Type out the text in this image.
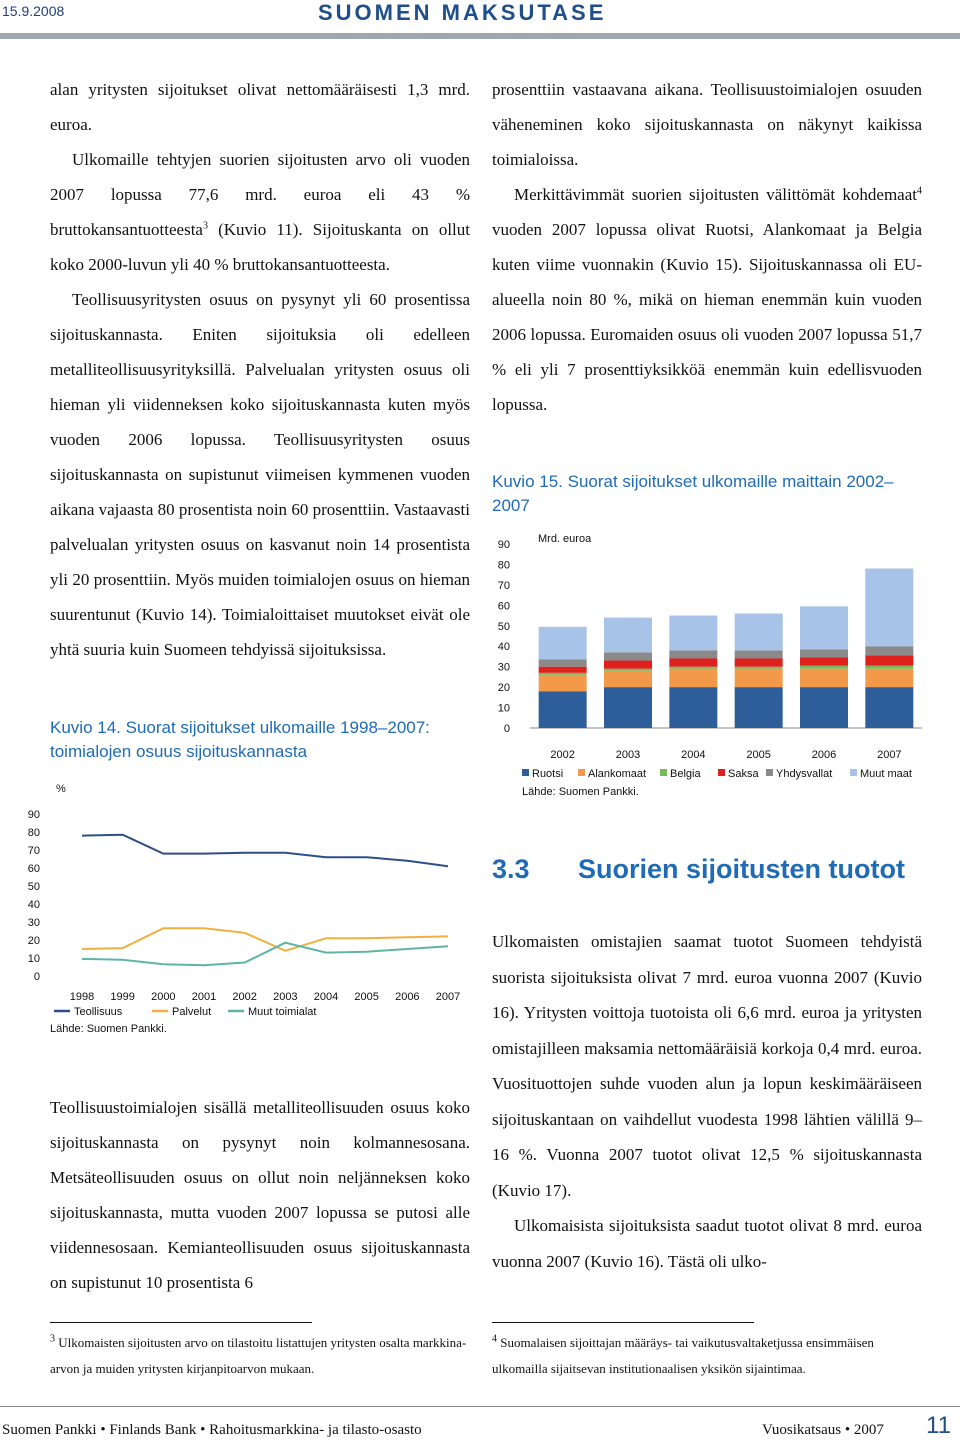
15.9.2008	SUOMEN MAKSUTASE

alan yritysten sijoitukset olivat nettomääräisesti 1,3 mrd. euroa.

Ulkomaille tehtyjen suorien sijoitusten arvo oli vuoden 2007 lopussa 77,6 mrd. euroa eli 43 % bruttokansantuotteesta$^3$ (Kuvio 11). Sijoituskanta on ollut koko 2000-luvun yli 40 % bruttokansantuotteesta.

Teollisuusyritysten osuus on pysynyt yli 60 prosentissa sijoituskannasta. Eniten sijoituksia oli edelleen metalliteollisuusyrityksillä. Palvelualan yritysten osuus oli hieman yli viidenneksen koko sijoituskannasta kuten myös vuoden 2006 lopussa. Teollisuusyritysten osuus sijoituskannasta on supistunut viimeisen kymmenen vuoden aikana vajaasta 80 prosentista noin 60 prosenttiin. Vastaavasti palvelualan yritysten osuus on kasvanut noin 14 prosentista yli 20 prosenttiin. Myös muiden toimialojen osuus on hieman suurentunut (Kuvio 14). Toimialoittaiset muutokset eivät ole yhtä suuria kuin Suomeen tehdyissä sijoituksissa.

Kuvio 14. Suorat sijoitukset ulkomaille 1998–2007: toimialojen osuus sijoituskannasta
%
0
10
20
30
40
50
60
70
80
90
1998 1999 2000 2001 2002 2003 2004 2005 2006 2007
Teollisuus	Palvelut	Muut toimialat
Lähde: Suomen Pankki.

Teollisuustoimialojen sisällä metalliteollisuuden osuus koko sijoituskannasta on pysynyt noin kolmannesosana. Metsäteollisuuden osuus on ollut noin neljänneksen koko sijoituskannasta, mutta vuoden 2007 lopussa se putosi alle viidennesosaan. Kemianteollisuuden osuus sijoituskannasta on supistunut 10 prosentista 6

$^3$ Ulkomaisten sijoitusten arvo on tilastoitu listattujen yritysten osalta markkina-arvon ja muiden yritysten kirjanpitoarvon mukaan.

prosenttiin vastaavana aikana. Teollisuustoimialojen osuuden väheneminen koko sijoituskannasta on näkynyt kaikissa toimialoissa.

Merkittävimmät suorien sijoitusten välittömät kohdemaat$^4$ vuoden 2007 lopussa olivat Ruotsi, Alankomaat ja Belgia kuten viime vuonnakin (Kuvio 15). Sijoituskannassa oli EU-alueella noin 80 %, mikä on hieman enemmän kuin vuoden 2006 lopussa. Euromaiden osuus oli vuoden 2007 lopussa 51,7 % eli yli 7 prosenttiyksikköä enemmän kuin edellisvuoden lopussa.

Kuvio 15. Suorat sijoitukset ulkomaille maittain 2002–2007
Mrd. euroa
0
10
20
30
40
50
60
70
80
90
2002	2003	2004	2005	2006	2007
Ruotsi Alankomaat Belgia Saksa Yhdysvallat	Muut maat
Lähde: Suomen Pankki.
3.3 Suorien sijoitusten tuotot

Ulkomaisten omistajien saamat tuotot Suomeen tehdyistä suorista sijoituksista olivat 7 mrd. euroa vuonna 2007 (Kuvio 16). Yritysten voittoja tuotoista oli 6,6 mrd. euroa ja yritysten omistajilleen maksamia nettomääräisiä korkoja 0,4 mrd. euroa. Vuosituottojen suhde vuoden alun ja lopun keskimääräiseen sijoituskantaan on vaihdellut vuodesta 1998 lähtien välillä 9–16 %. Vuonna 2007 tuotot olivat 12,5 % sijoituskannasta (Kuvio 17).

Ulkomaisista sijoituksista saadut tuotot olivat 8 mrd. euroa vuonna 2007 (Kuvio 16). Tästä oli ulko-

$^4$ Suomalaisen sijoittajan määräys- tai vaikutusvaltaketjussa ensimmäisen ulkomailla sijaitsevan institutionaalisen yksikön sijaintimaa.
Suomen Pankki • Finlands Bank • Rahoitusmarkkina- ja tilasto-osasto	Vuosikatsaus • 2007 11
